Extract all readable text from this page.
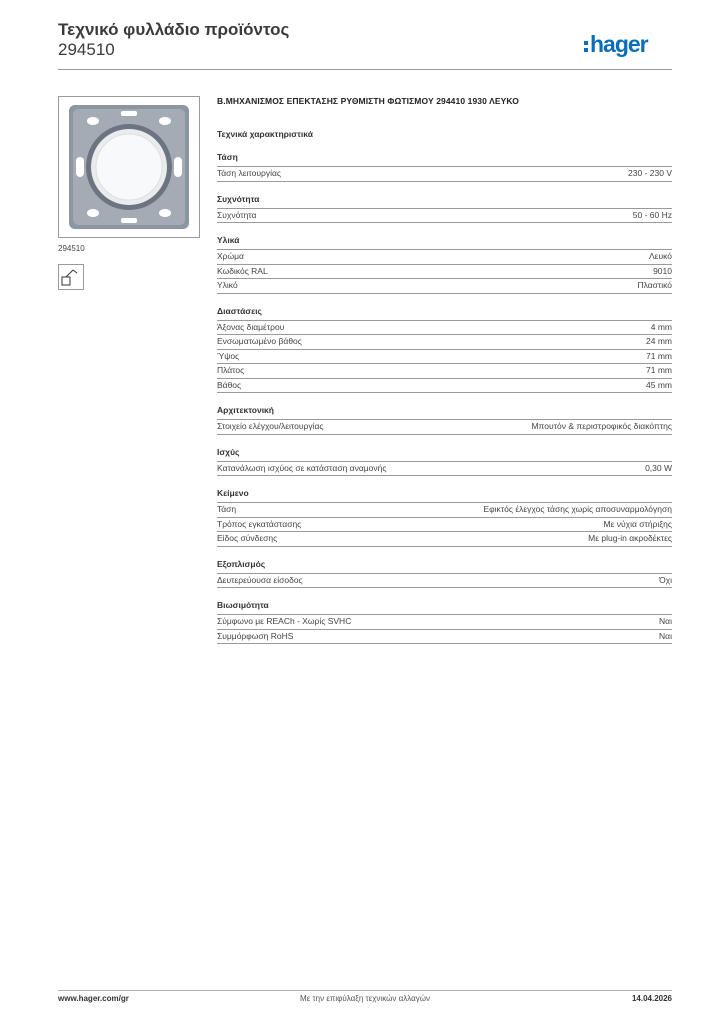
Τεχνικό φυλλάδιο προϊόντος
294510	hager
294510
Β.ΜΗΧΑΝΙΣΜΟΣ ΕΠΕΚΤΑΣΗΣ ΡΥΘΜΙΣΤΗ ΦΩΤΙΣΜΟΥ 294410 1930 ΛΕΥΚΟ
Τεχνικά χαρακτηριστικά
Τάση
Τάση λειτουργίας	230 - 230 V
Συχνότητα
Συχνότητα	50 - 60 Hz
Υλικά
Χρώμα	Λευκό
Κωδικός RAL	9010
Υλικό	Πλαστικό
Διαστάσεις
Άξονας διαμέτρου	4 mm
Ενσωματωμένο βάθος	24 mm
Ύψος	71 mm
Πλάτος	71 mm
Βάθος	45 mm
Αρχιτεκτονική
Στοιχείο ελέγχου/λειτουργίας	Μπουτόν & περιστροφικός διακόπτης
Ισχύς
Κατανάλωση ισχύος σε κατάσταση αναμονής	0,30 W
Κείμενο
Τάση	Εφικτός έλεγχος τάσης χωρίς αποσυναρμολόγηση
Τρόπος εγκατάστασης	Με νύχια στήριξης
Είδος σύνδεσης	Με plug-in ακροδέκτες
Εξοπλισμός
Δευτερεύουσα είσοδος	Όχι
Βιωσιμότητα
Σύμφωνο με REACh - Χωρίς SVHC	Ναι
Συμμόρφωση RoHS	Ναι
www.hager.com/gr	Με την επιφύλαξη τεχνικών αλλαγών	14.04.2026
